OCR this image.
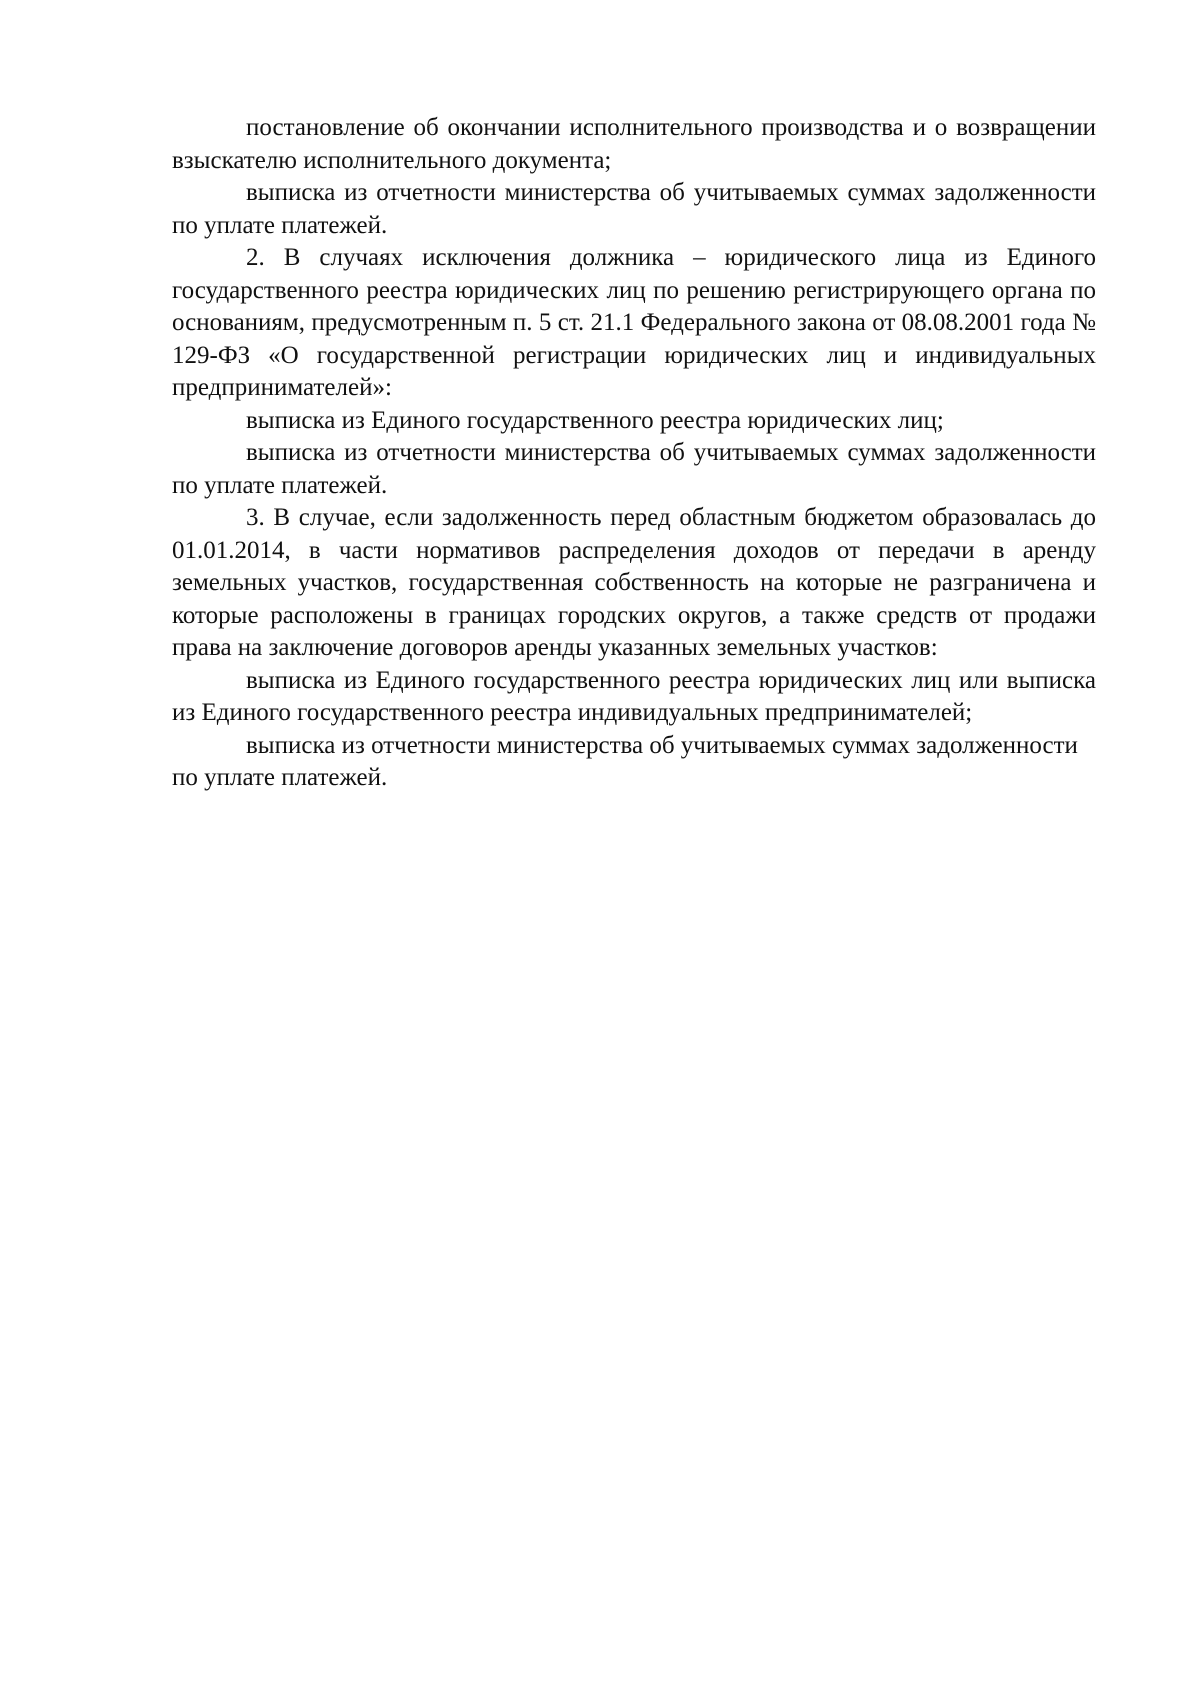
постановление об окончании исполнительного производства и о возвращении взыскателю исполнительного документа;

выписка из отчетности министерства об учитываемых суммах задолженности по уплате платежей.

2. В случаях исключения должника – юридического лица из Единого государственного реестра юридических лиц по решению регистрирующего органа по основаниям, предусмотренным п. 5 ст. 21.1 Федерального закона от 08.08.2001 года № 129-ФЗ «О государственной регистрации юридических лиц и индивидуальных предпринимателей»:

выписка из Единого государственного реестра юридических лиц;

выписка из отчетности министерства об учитываемых суммах задолженности по уплате платежей.

3. В случае, если задолженность перед областным бюджетом образовалась до 01.01.2014, в части нормативов распределения доходов от передачи в аренду земельных участков, государственная собственность на которые не разграничена и которые расположены в границах городских округов, а также средств от продажи права на заключение договоров аренды указанных земельных участков:

выписка из Единого государственного реестра юридических лиц или выписка из Единого государственного реестра индивидуальных предпринимателей;

выписка из отчетности министерства об учитываемых суммах задолженности по уплате платежей.
